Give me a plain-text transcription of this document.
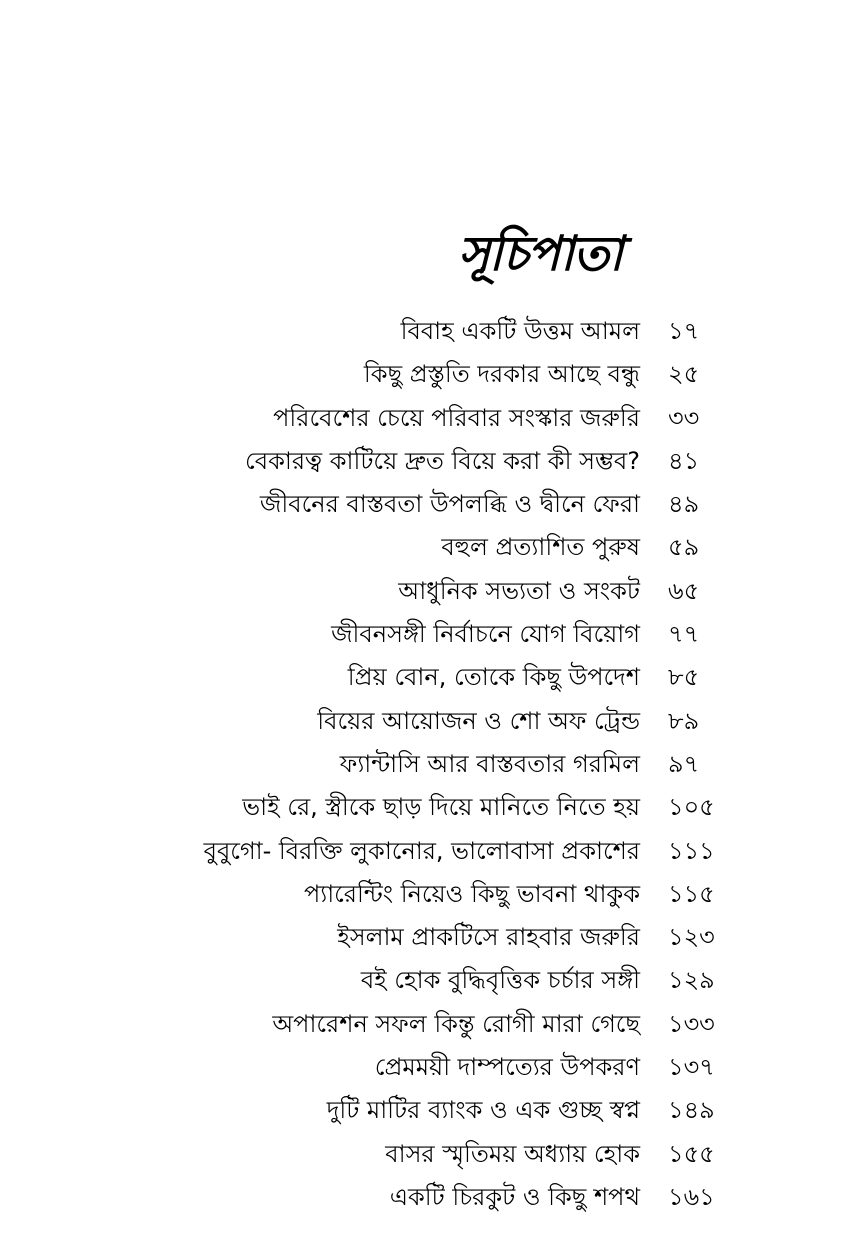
সূচিপাতা
বিবাহ একটি উত্তম আমল ১৭
কিছু প্রস্তুতি দরকার আছে বন্ধু ২৫
পরিবেশের চেয়ে পরিবার সংস্কার জরুরি ৩৩
বেকারত্ব কাটিয়ে দ্রুত বিয়ে করা কী সম্ভব? ৪১
জীবনের বাস্তবতা উপলব্ধি ও দ্বীনে ফেরা ৪৯
বহুল প্রত্যাশিত পুরুষ ৫৯
আধুনিক সভ্যতা ও সংকট ৬৫
জীবনসঙ্গী নির্বাচনে যোগ বিয়োগ ৭৭
প্রিয় বোন, তোকে কিছু উপদেশ ৮৫
বিয়ের আয়োজন ও শো অফ ট্রেন্ড ৮৯
ফ্যান্টাসি আর বাস্তবতার গরমিল ৯৭
ভাই রে, স্ত্রীকে ছাড় দিয়ে মানিতে নিতে হয় ১০৫
বুবুগো- বিরক্তি লুকানোর, ভালোবাসা প্রকাশের ১১১
প্যারেন্টিং নিয়েও কিছু ভাবনা থাকুক ১১৫
ইসলাম প্রাকটিসে রাহবার জরুরি ১২৩
বই হোক বুদ্ধিবৃত্তিক চর্চার সঙ্গী ১২৯
অপারেশন সফল কিন্তু রোগী মারা গেছে ১৩৩
প্রেমময়ী দাম্পত্যের উপকরণ ১৩৭
দুটি মাটির ব্যাংক ও এক গুচ্ছ স্বপ্ন ১৪৯
বাসর স্মৃতিময় অধ্যায় হোক ১৫৫
একটি চিরকুট ও কিছু শপথ ১৬১
